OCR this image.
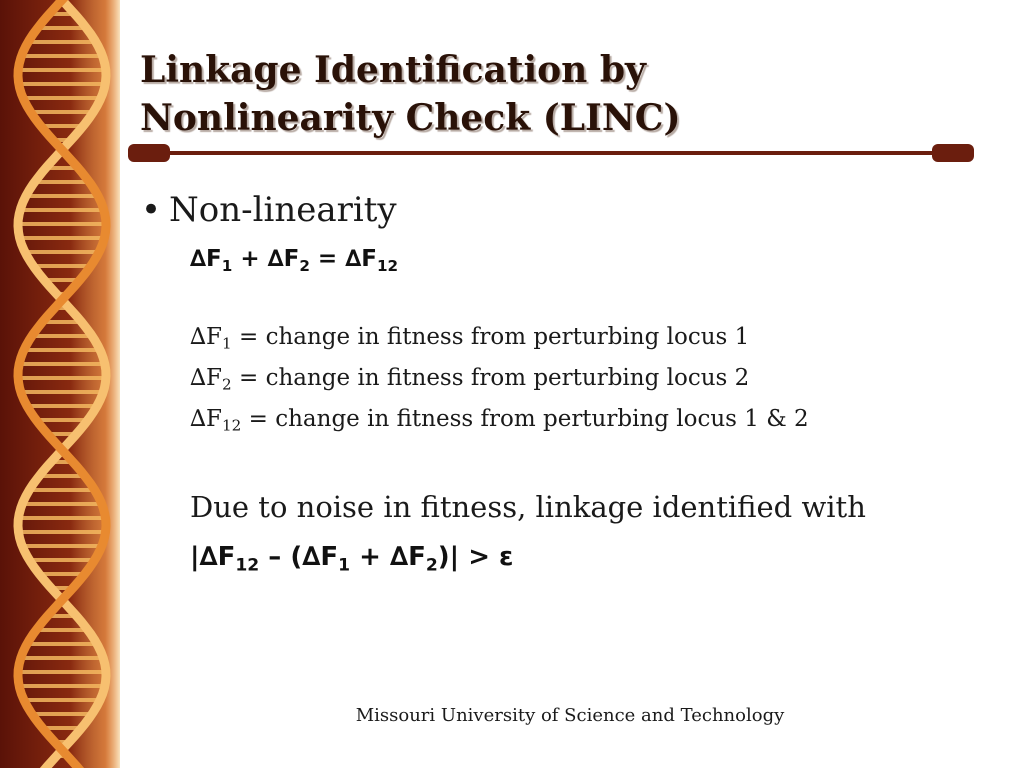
Linkage Identification by
Nonlinearity Check (LINC)
• Non-linearity
$\Delta F_1 + \Delta F_2 = \Delta F_{12}$
$\Delta F_1$ = change in fitness from perturbing locus 1
$\Delta F_2$ = change in fitness from perturbing locus 2
$\Delta F_{12}$ = change in fitness from perturbing locus 1 & 2
Due to noise in fitness, linkage identified with
$|\Delta F_{12} - (\Delta F_1 + \Delta F_2)| > \varepsilon$
Missouri University of Science and Technology
